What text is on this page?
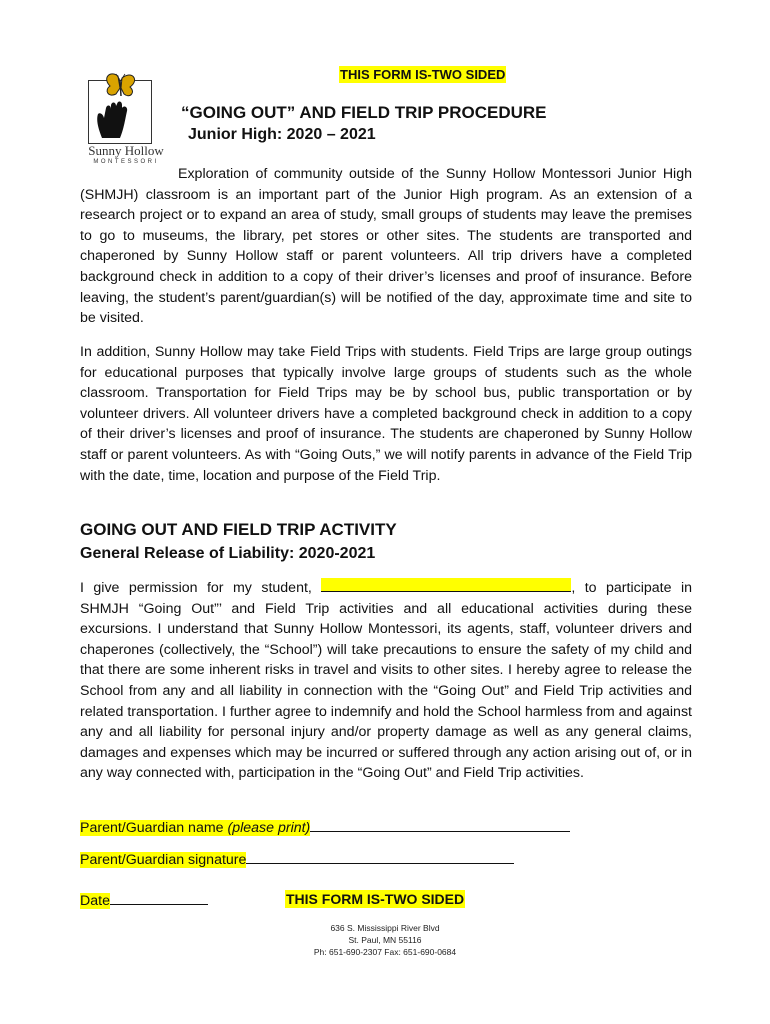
THIS FORM IS-TWO SIDED
Sunny Hollow
MONTESSORI
“GOING OUT” AND FIELD TRIP PROCEDURE
Junior High: 2020 – 2021
Exploration of community outside of the Sunny Hollow Montessori Junior High (SHMJH) classroom is an important part of the Junior High program. As an extension of a research project or to expand an area of study, small groups of students may leave the premises to go to museums, the library, pet stores or other sites. The students are transported and chaperoned by Sunny Hollow staff or parent volunteers. All trip drivers have a completed background check in addition to a copy of their driver’s licenses and proof of insurance. Before leaving, the student’s parent/guardian(s) will be notified of the day, approximate time and site to be visited.
In addition, Sunny Hollow may take Field Trips with students. Field Trips are large group outings for educational purposes that typically involve large groups of students such as the whole classroom. Transportation for Field Trips may be by school bus, public transportation or by volunteer drivers. All volunteer drivers have a completed background check in addition to a copy of their driver’s licenses and proof of insurance. The students are chaperoned by Sunny Hollow staff or parent volunteers. As with “Going Outs,” we will notify parents in advance of the Field Trip with the date, time, location and purpose of the Field Trip.
GOING OUT AND FIELD TRIP ACTIVITY
General Release of Liability: 2020-2021
I give permission for my student,	, to participate in SHMJH “Going Out”’ and Field Trip activities and all educational activities during these excursions. I understand that Sunny Hollow Montessori, its agents, staff, volunteer drivers and chaperones (collectively, the “School”) will take precautions to ensure the safety of my child and that there are some inherent risks in travel and visits to other sites. I hereby agree to release the School from any and all liability in connection with the “Going Out” and Field Trip activities and related transportation. I further agree to indemnify and hold the School harmless from and against any and all liability for personal injury and/or property damage as well as any general claims, damages and expenses which may be incurred or suffered through any action arising out of, or in any way connected with, participation in the “Going Out” and Field Trip activities.
Parent/Guardian name (please print)
Parent/Guardian signature
Date	THIS FORM IS-TWO SIDED
636 S. Mississippi River Blvd
St. Paul, MN 55116
Ph: 651-690-2307 Fax: 651-690-0684
